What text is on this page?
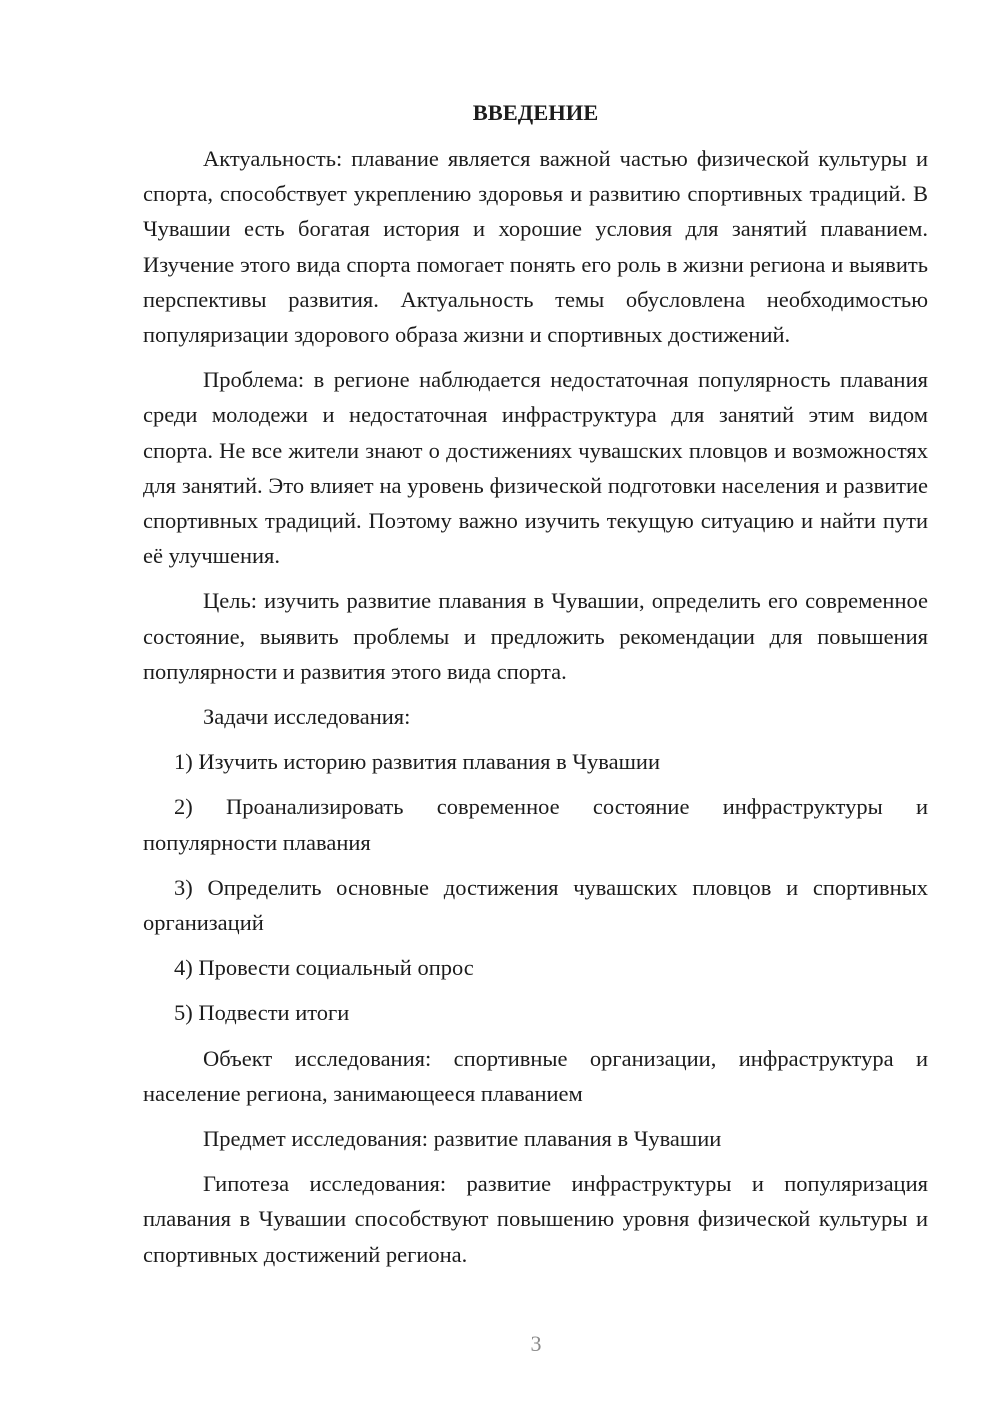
ВВЕДЕНИЕ

Актуальность: плавание является важной частью физической культуры и спорта, способствует укреплению здоровья и развитию спортивных традиций. В Чувашии есть богатая история и хорошие условия для занятий плаванием. Изучение этого вида спорта помогает понять его роль в жизни региона и выявить перспективы развития. Актуальность темы обусловлена необходимостью популяризации здорового образа жизни и спортивных достижений.

Проблема: в регионе наблюдается недостаточная популярность плавания среди молодежи и недостаточная инфраструктура для занятий этим видом спорта. Не все жители знают о достижениях чувашских пловцов и возможностях для занятий. Это влияет на уровень физической подготовки населения и развитие спортивных традиций. Поэтому важно изучить текущую ситуацию и найти пути её улучшения.

Цель: изучить развитие плавания в Чувашии, определить его современное состояние, выявить проблемы и предложить рекомендации для повышения популярности и развития этого вида спорта.

Задачи исследования:

1) Изучить историю развития плавания в Чувашии

2) Проанализировать современное состояние инфраструктуры и популярности плавания

3) Определить основные достижения чувашских пловцов и спортивных организаций

4) Провести социальный опрос

5) Подвести итоги

Объект исследования: спортивные организации, инфраструктура и население региона, занимающееся плаванием

Предмет исследования: развитие плавания в Чувашии

Гипотеза исследования: развитие инфраструктуры и популяризация плавания в Чувашии способствуют повышению уровня физической культуры и спортивных достижений региона.

3
